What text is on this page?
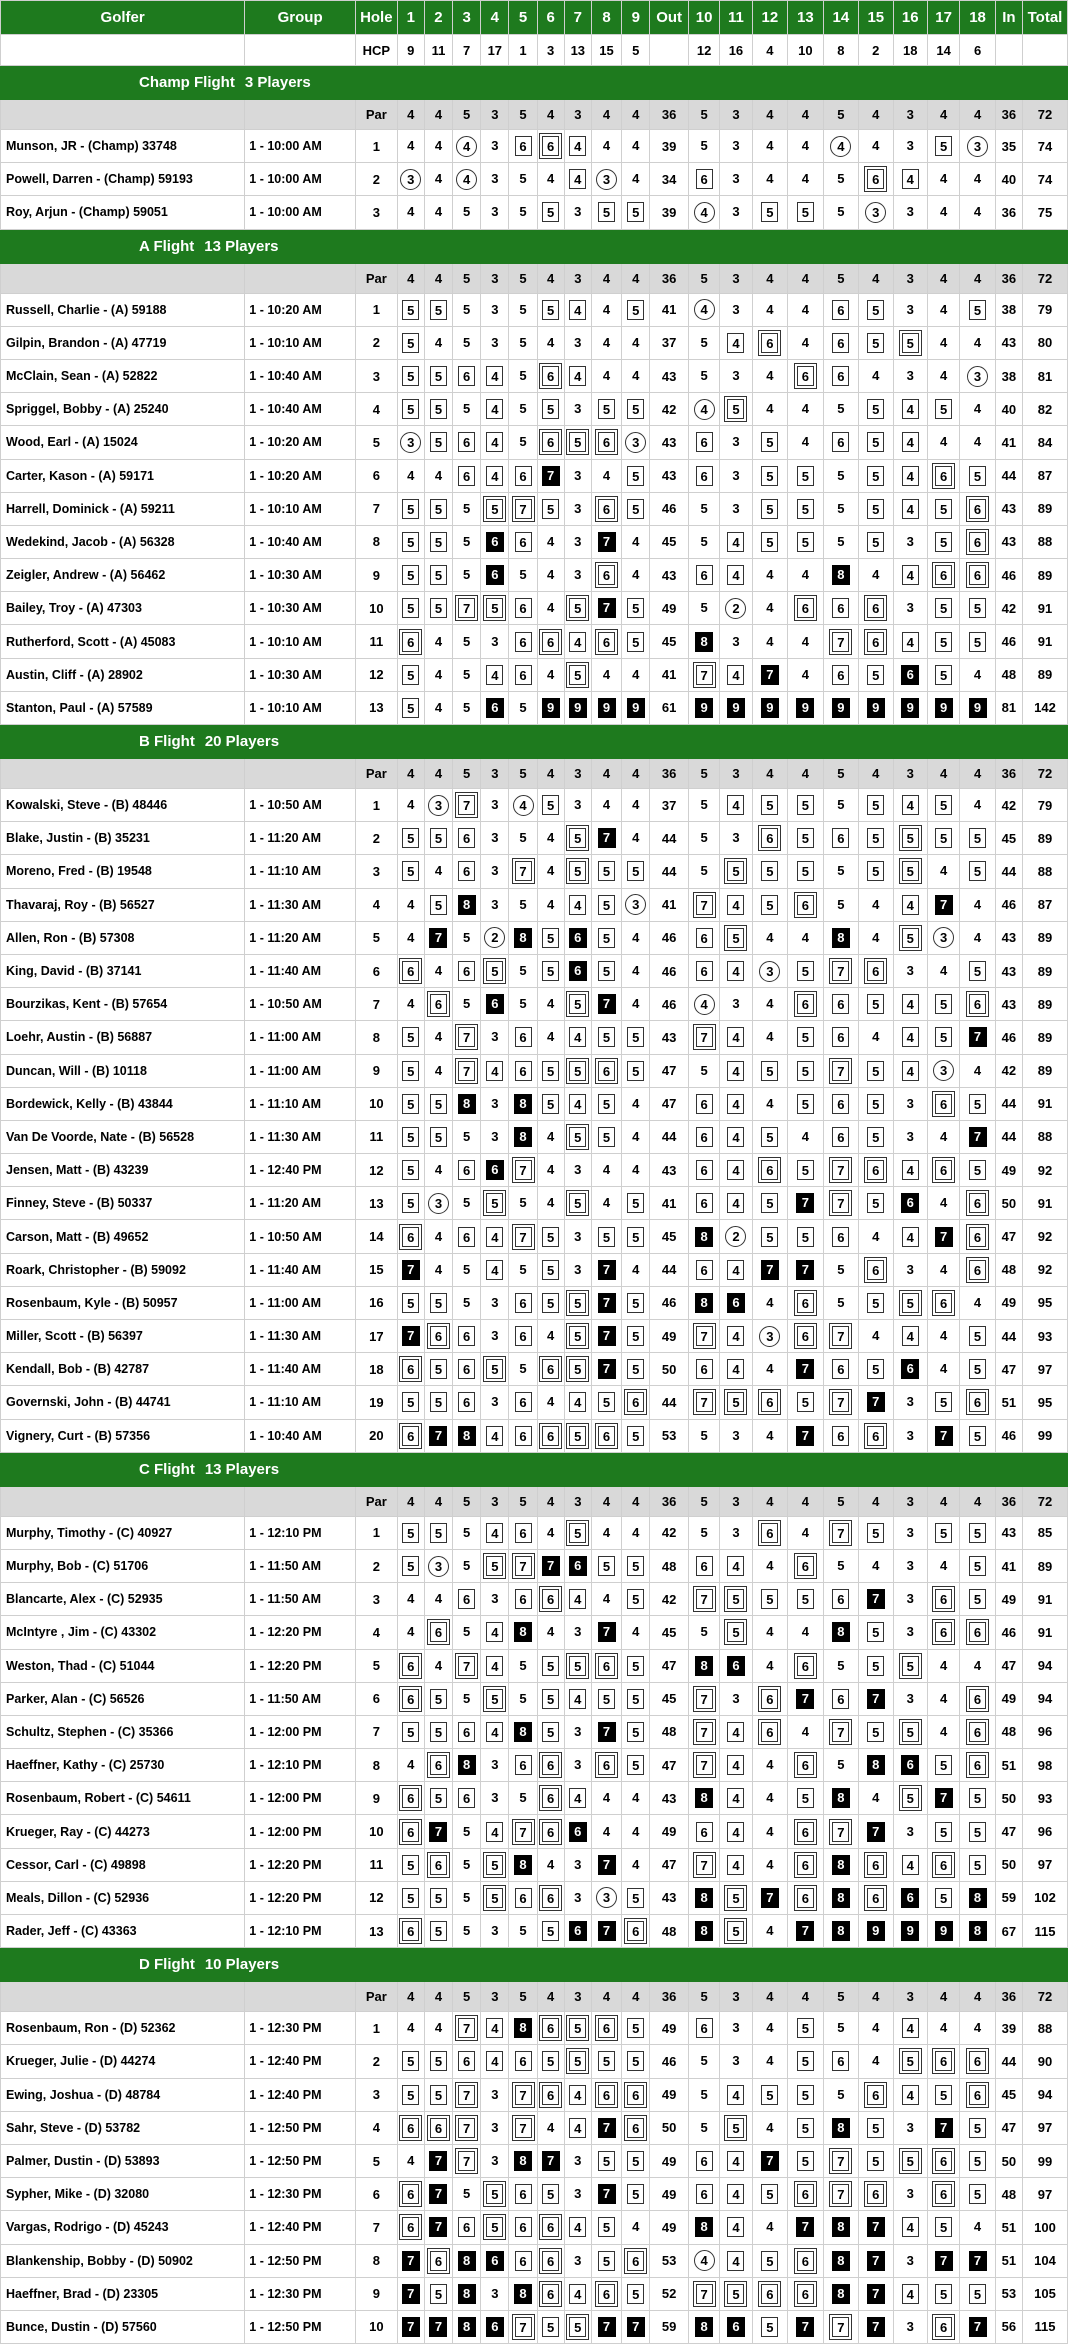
Golfer	Group	Hole	1	2	3	4	5	6	7	8	9	Out	10	11	12	13	14	15	16	17	18	In	Total
		HCP	9	11	7	17	1	3	13	15	5		12	16	4	10	8	2	18	14	6		
Champ Flight 3 Players																							
		Par	4	4	5	3	5	4	3	4	4	36	5	3	4	4	5	4	3	4	4	36	72
Munson, JR - (Champ) 33748	1 - 10:00 AM	1	4	4	4	3	6	6	4	4	4	39	5	3	4	4	4	4	3	5	3	35	74
Powell, Darren - (Champ) 59193	1 - 10:00 AM	2	3	4	4	3	5	4	4	3	4	34	6	3	4	4	5	6	4	4	4	40	74
Roy, Arjun - (Champ) 59051	1 - 10:00 AM	3	4	4	5	3	5	5	3	5	5	39	4	3	5	5	5	3	3	4	4	36	75
A Flight 13 Players																							
		Par	4	4	5	3	5	4	3	4	4	36	5	3	4	4	5	4	3	4	4	36	72
Russell, Charlie - (A) 59188	1 - 10:20 AM	1	5	5	5	3	5	5	4	4	5	41	4	3	4	4	6	5	3	4	5	38	79
Gilpin, Brandon - (A) 47719	1 - 10:10 AM	2	5	4	5	3	5	4	3	4	4	37	5	4	6	4	6	5	5	4	4	43	80
McClain, Sean - (A) 52822	1 - 10:40 AM	3	5	5	6	4	5	6	4	4	4	43	5	3	4	6	6	4	3	4	3	38	81
Spriggel, Bobby - (A) 25240	1 - 10:40 AM	4	5	5	5	4	5	5	3	5	5	42	4	5	4	4	5	5	4	5	4	40	82
Wood, Earl - (A) 15024	1 - 10:20 AM	5	3	5	6	4	5	6	5	6	3	43	6	3	5	4	6	5	4	4	4	41	84
Carter, Kason - (A) 59171	1 - 10:20 AM	6	4	4	6	4	6	7	3	4	5	43	6	3	5	5	5	5	4	6	5	44	87
Harrell, Dominick - (A) 59211	1 - 10:10 AM	7	5	5	5	5	7	5	3	6	5	46	5	3	5	5	5	5	4	5	6	43	89
Wedekind, Jacob - (A) 56328	1 - 10:40 AM	8	5	5	5	6	6	4	3	7	4	45	5	4	5	5	5	5	3	5	6	43	88
Zeigler, Andrew - (A) 56462	1 - 10:30 AM	9	5	5	5	6	5	4	3	6	4	43	6	4	4	4	8	4	4	6	6	46	89
Bailey, Troy - (A) 47303	1 - 10:30 AM	10	5	5	7	5	6	4	5	7	5	49	5	2	4	6	6	6	3	5	5	42	91
Rutherford, Scott - (A) 45083	1 - 10:10 AM	11	6	4	5	3	6	6	4	6	5	45	8	3	4	4	7	6	4	5	5	46	91
Austin, Cliff - (A) 28902	1 - 10:30 AM	12	5	4	5	4	6	4	5	4	4	41	7	4	7	4	6	5	6	5	4	48	89
Stanton, Paul - (A) 57589	1 - 10:10 AM	13	5	4	5	6	5	9	9	9	9	61	9	9	9	9	9	9	9	9	9	81	142
B Flight 20 Players																							
		Par	4	4	5	3	5	4	3	4	4	36	5	3	4	4	5	4	3	4	4	36	72
Kowalski, Steve - (B) 48446	1 - 10:50 AM	1	4	3	7	3	4	5	3	4	4	37	5	4	5	5	5	5	4	5	4	42	79
Blake, Justin - (B) 35231	1 - 11:20 AM	2	5	5	6	3	5	4	5	7	4	44	5	3	6	5	6	5	5	5	5	45	89
Moreno, Fred - (B) 19548	1 - 11:10 AM	3	5	4	6	3	7	4	5	5	5	44	5	5	5	5	5	5	5	4	5	44	88
Thavaraj, Roy - (B) 56527	1 - 11:30 AM	4	4	5	8	3	5	4	4	5	3	41	7	4	5	6	5	4	4	7	4	46	87
Allen, Ron - (B) 57308	1 - 11:20 AM	5	4	7	5	2	8	5	6	5	4	46	6	5	4	4	8	4	5	3	4	43	89
King, David - (B) 37141	1 - 11:40 AM	6	6	4	6	5	5	5	6	5	4	46	6	4	3	5	7	6	3	4	5	43	89
Bourzikas, Kent - (B) 57654	1 - 10:50 AM	7	4	6	5	6	5	4	5	7	4	46	4	3	4	6	6	5	4	5	6	43	89
Loehr, Austin - (B) 56887	1 - 11:00 AM	8	5	4	7	3	6	4	4	5	5	43	7	4	4	5	6	4	4	5	7	46	89
Duncan, Will - (B) 10118	1 - 11:00 AM	9	5	4	7	4	6	5	5	6	5	47	5	4	5	5	7	5	4	3	4	42	89
Bordewick, Kelly - (B) 43844	1 - 11:10 AM	10	5	5	8	3	8	5	4	5	4	47	6	4	4	5	6	5	3	6	5	44	91
Van De Voorde, Nate - (B) 56528	1 - 11:30 AM	11	5	5	5	3	8	4	5	5	4	44	6	4	5	4	6	5	3	4	7	44	88
Jensen, Matt - (B) 43239	1 - 12:40 PM	12	5	4	6	6	7	4	3	4	4	43	6	4	6	5	7	6	4	6	5	49	92
Finney, Steve - (B) 50337	1 - 11:20 AM	13	5	3	5	5	5	4	5	4	5	41	6	4	5	7	7	5	6	4	6	50	91
Carson, Matt - (B) 49652	1 - 10:50 AM	14	6	4	6	4	7	5	3	5	5	45	8	2	5	5	6	4	4	7	6	47	92
Roark, Christopher - (B) 59092	1 - 11:40 AM	15	7	4	5	4	5	5	3	7	4	44	6	4	7	7	5	6	3	4	6	48	92
Rosenbaum, Kyle - (B) 50957	1 - 11:00 AM	16	5	5	5	3	6	5	5	7	5	46	8	6	4	6	5	5	5	6	4	49	95
Miller, Scott - (B) 56397	1 - 11:30 AM	17	7	6	6	3	6	4	5	7	5	49	7	4	3	6	7	4	4	4	5	44	93
Kendall, Bob - (B) 42787	1 - 11:40 AM	18	6	5	6	5	5	6	5	7	5	50	6	4	4	7	6	5	6	4	5	47	97
Governski, John - (B) 44741	1 - 11:10 AM	19	5	5	6	3	6	4	4	5	6	44	7	5	6	5	7	7	3	5	6	51	95
Vignery, Curt - (B) 57356	1 - 10:40 AM	20	6	7	8	4	6	6	5	6	5	53	5	3	4	7	6	6	3	7	5	46	99
C Flight 13 Players																							
		Par	4	4	5	3	5	4	3	4	4	36	5	3	4	4	5	4	3	4	4	36	72
Murphy, Timothy - (C) 40927	1 - 12:10 PM	1	5	5	5	4	6	4	5	4	4	42	5	3	6	4	7	5	3	5	5	43	85
Murphy, Bob - (C) 51706	1 - 11:50 AM	2	5	3	5	5	7	7	6	5	5	48	6	4	4	6	5	4	3	4	5	41	89
Blancarte, Alex - (C) 52935	1 - 11:50 AM	3	4	4	6	3	6	6	4	4	5	42	7	5	5	5	6	7	3	6	5	49	91
McIntyre , Jim - (C) 43302	1 - 12:20 PM	4	4	6	5	4	8	4	3	7	4	45	5	5	4	4	8	5	3	6	6	46	91
Weston, Thad - (C) 51044	1 - 12:20 PM	5	6	4	7	4	5	5	5	6	5	47	8	6	4	6	5	5	5	4	4	47	94
Parker, Alan - (C) 56526	1 - 11:50 AM	6	6	5	5	5	5	5	4	5	5	45	7	3	6	7	6	7	3	4	6	49	94
Schultz, Stephen - (C) 35366	1 - 12:00 PM	7	5	5	6	4	8	5	3	7	5	48	7	4	6	4	7	5	5	4	6	48	96
Haeffner, Kathy - (C) 25730	1 - 12:10 PM	8	4	6	8	3	6	6	3	6	5	47	7	4	4	6	5	8	6	5	6	51	98
Rosenbaum, Robert - (C) 54611	1 - 12:00 PM	9	6	5	6	3	5	6	4	4	4	43	8	4	4	5	8	4	5	7	5	50	93
Krueger, Ray - (C) 44273	1 - 12:00 PM	10	6	7	5	4	7	6	6	4	4	49	6	4	4	6	7	7	3	5	5	47	96
Cessor, Carl - (C) 49898	1 - 12:20 PM	11	5	6	5	5	8	4	3	7	4	47	7	4	4	6	8	6	4	6	5	50	97
Meals, Dillon - (C) 52936	1 - 12:20 PM	12	5	5	5	5	6	6	3	3	5	43	8	5	7	6	8	6	6	5	8	59	102
Rader, Jeff - (C) 43363	1 - 12:10 PM	13	6	5	5	3	5	5	6	7	6	48	8	5	4	7	8	9	9	9	8	67	115
D Flight 10 Players																							
		Par	4	4	5	3	5	4	3	4	4	36	5	3	4	4	5	4	3	4	4	36	72
Rosenbaum, Ron - (D) 52362	1 - 12:30 PM	1	4	4	7	4	8	6	5	6	5	49	6	3	4	5	5	4	4	4	4	39	88
Krueger, Julie - (D) 44274	1 - 12:40 PM	2	5	5	6	4	6	5	5	5	5	46	5	3	4	5	6	4	5	6	6	44	90
Ewing, Joshua - (D) 48784	1 - 12:40 PM	3	5	5	7	3	7	6	4	6	6	49	5	4	5	5	5	6	4	5	6	45	94
Sahr, Steve - (D) 53782	1 - 12:50 PM	4	6	6	7	3	7	4	4	7	6	50	5	5	4	5	8	5	3	7	5	47	97
Palmer, Dustin - (D) 53893	1 - 12:50 PM	5	4	7	7	3	8	7	3	5	5	49	6	4	7	5	7	5	5	6	5	50	99
Sypher, Mike - (D) 32080	1 - 12:30 PM	6	6	7	5	5	6	5	3	7	5	49	6	4	5	6	7	6	3	6	5	48	97
Vargas, Rodrigo - (D) 45243	1 - 12:40 PM	7	6	7	6	5	6	6	4	5	4	49	8	4	4	7	8	7	4	5	4	51	100
Blankenship, Bobby - (D) 50902	1 - 12:50 PM	8	7	6	8	6	6	6	3	5	6	53	4	4	5	6	8	7	3	7	7	51	104
Haeffner, Brad - (D) 23305	1 - 12:30 PM	9	7	5	8	3	8	6	4	6	5	52	7	5	6	6	8	7	4	5	5	53	105
Bunce, Dustin - (D) 57560	1 - 12:50 PM	10	7	7	8	6	7	5	5	7	7	59	8	6	5	7	7	7	3	6	7	56	115
